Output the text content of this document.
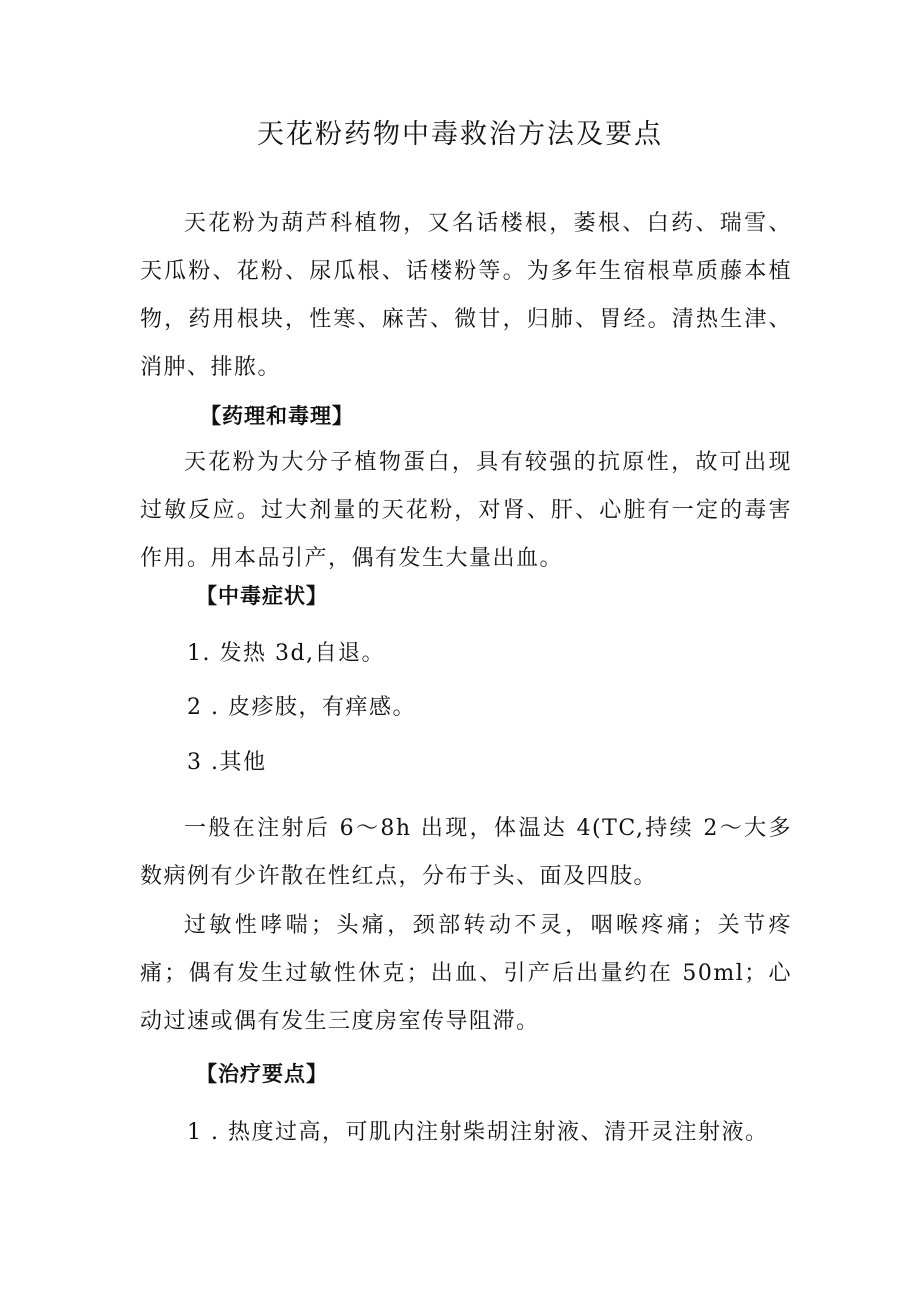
天花粉药物中毒救治方法及要点

天花粉为葫芦科植物，又名话楼根，萎根、白药、瑞雪、天瓜粉、花粉、尿瓜根、话楼粉等。为多年生宿根草质藤本植物，药用根块，性寒、麻苦、微甘，归肺、胃经。清热生津、消肿、排脓。

【药理和毒理】

天花粉为大分子植物蛋白，具有较强的抗原性，故可出现过敏反应。过大剂量的天花粉，对肾、肝、心脏有一定的毒害作用。用本品引产，偶有发生大量出血。

【中毒症状】
1. 发热 3d,自退。
2 . 皮疹肢，有痒感。
3 .其他

一般在注射后 6～8h 出现，体温达 4(TC,持续 2～大多数病例有少许散在性红点，分布于头、面及四肢。

过敏性哮喘；头痛，颈部转动不灵，咽喉疼痛；关节疼痛；偶有发生过敏性休克；出血、引产后出量约在 50ml；心动过速或偶有发生三度房室传导阻滞。

【治疗要点】
1 . 热度过高，可肌内注射柴胡注射液、清开灵注射液。
